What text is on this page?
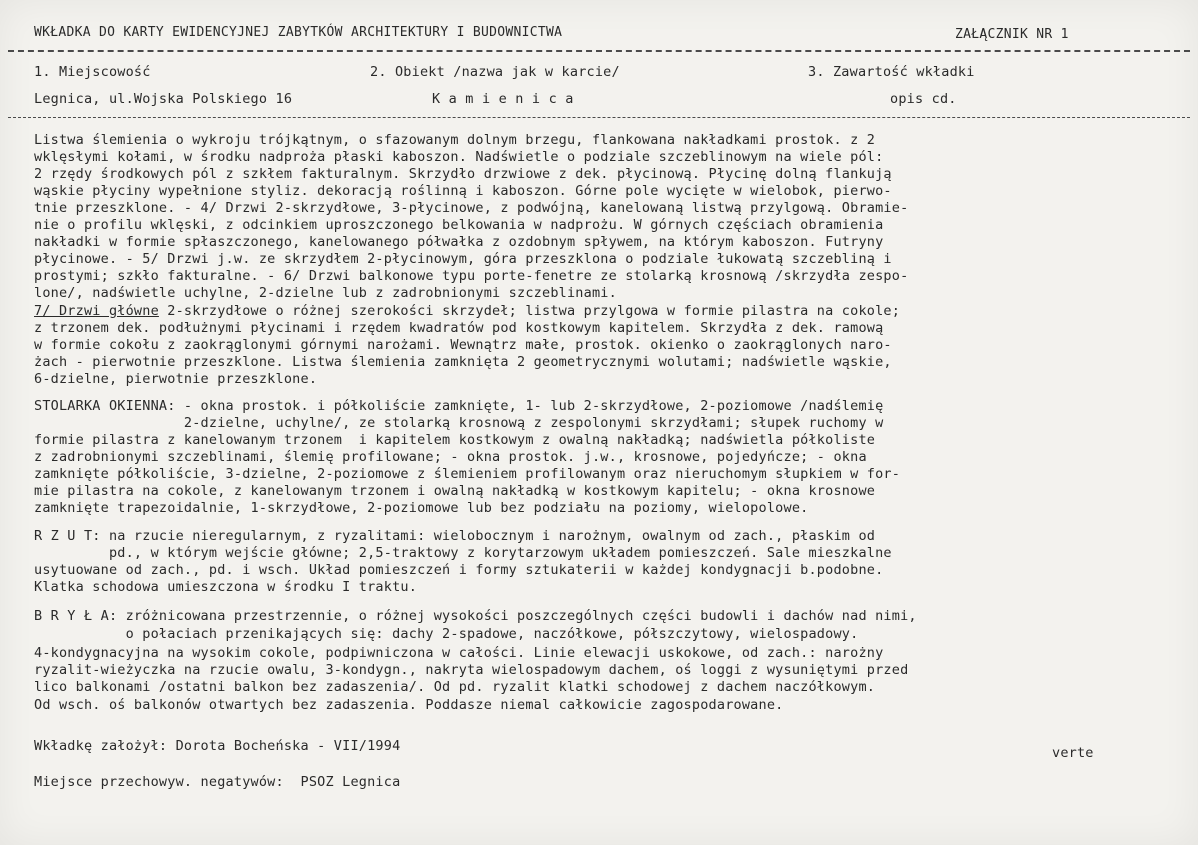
WKŁADKA DO KARTY EWIDENCYJNEJ ZABYTKÓW ARCHITEKTURY I BUDOWNICTWA	ZAŁĄCZNIK NR 1
1. Miejscowość	2. Obiekt /nazwa jak w karcie/	3. Zawartość wkładki
Legnica, ul.Wojska Polskiego 16	K a m i e n i c a	opis cd.
Listwa ślemienia o wykroju trójkątnym, o sfazowanym dolnym brzegu, flankowana nakładkami prostok. z 2
wklęsłymi kołami, w środku nadproża płaski kaboszon. Nadświetle o podziale szczeblinowym na wiele pól:
2 rzędy środkowych pól z szkłem fakturalnym. Skrzydło drzwiowe z dek. płycinową. Płycinę dolną flankują
wąskie płyciny wypełnione styliz. dekoracją roślinną i kaboszon. Górne pole wycięte w wielobok, pierwo-
tnie przeszklone. - 4/ Drzwi 2-skrzydłowe, 3-płycinowe, z podwójną, kanelowaną listwą przylgową. Obramie-
nie o profilu wklęski, z odcinkiem uproszczonego belkowania w nadprożu. W górnych częściach obramienia
nakładki w formie spłaszczonego, kanelowanego półwałka z ozdobnym spływem, na którym kaboszon. Futryny
płycinowe. - 5/ Drzwi j.w. ze skrzydłem 2-płycinowym, góra przeszklona o podziale łukowatą szczebliną i
prostymi; szkło fakturalne. - 6/ Drzwi balkonowe typu porte-fenetre ze stolarką krosnową /skrzydła zespo-
lone/, nadświetle uchylne, 2-dzielne lub z zadrobnionymi szczeblinami.
7/ Drzwi główne 2-skrzydłowe o różnej szerokości skrzydeł; listwa przylgowa w formie pilastra na cokole;
z trzonem dek. podłużnymi płycinami i rzędem kwadratów pod kostkowym kapitelem. Skrzydła z dek. ramową
w formie cokołu z zaokrąglonymi górnymi narożami. Wewnątrz małe, prostok. okienko o zaokrąglonych naro-
żach - pierwotnie przeszklone. Listwa ślemienia zamknięta 2 geometrycznymi wolutami; nadświetle wąskie,
6-dzielne, pierwotnie przeszklone.
STOLARKA OKIENNA: - okna prostok. i półkoliście zamknięte, 1- lub 2-skrzydłowe, 2-poziomowe /nadślemię
2-dzielne, uchylne/, ze stolarką krosnową z zespolonymi skrzydłami; słupek ruchomy w
formie pilastra z kanelowanym trzonem  i kapitelem kostkowym z owalną nakładką; nadświetla półkoliste
z zadrobnionymi szczeblinami, ślemię profilowane; - okna prostok. j.w., krosnowe, pojedyńcze; - okna
zamknięte półkoliście, 3-dzielne, 2-poziomowe z ślemieniem profilowanym oraz nieruchomym słupkiem w for-
mie pilastra na cokole, z kanelowanym trzonem i owalną nakładką w kostkowym kapitelu; - okna krosnowe
zamknięte trapezoidalnie, 1-skrzydłowe, 2-poziomowe lub bez podziału na poziomy, wielopolowe.
R Z U T: na rzucie nieregularnym, z ryzalitami: wielobocznym i narożnym, owalnym od zach., płaskim od
pd., w którym wejście główne; 2,5-traktowy z korytarzowym układem pomieszczeń. Sale mieszkalne
usytuowane od zach., pd. i wsch. Układ pomieszczeń i formy sztukaterii w każdej kondygnacji b.podobne.
Klatka schodowa umieszczona w środku I traktu.
B R Y Ł A: zróżnicowana przestrzennie, o różnej wysokości poszczególnych części budowli i dachów nad nimi,
o połaciach przenikających się: dachy 2-spadowe, naczółkowe, półszczytowy, wielospadowy.
4-kondygnacyjna na wysokim cokole, podpiwniczona w całości. Linie elewacji uskokowe, od zach.: narożny
ryzalit-wieżyczka na rzucie owalu, 3-kondygn., nakryta wielospadowym dachem, oś loggi z wysuniętymi przed
lico balkonami /ostatni balkon bez zadaszenia/. Od pd. ryzalit klatki schodowej z dachem naczółkowym.
Od wsch. oś balkonów otwartych bez zadaszenia. Poddasze niemal całkowicie zagospodarowane.
Wkładkę założył: Dorota Bocheńska - VII/1994	verte
Miejsce przechowyw. negatywów:  PSOZ Legnica
